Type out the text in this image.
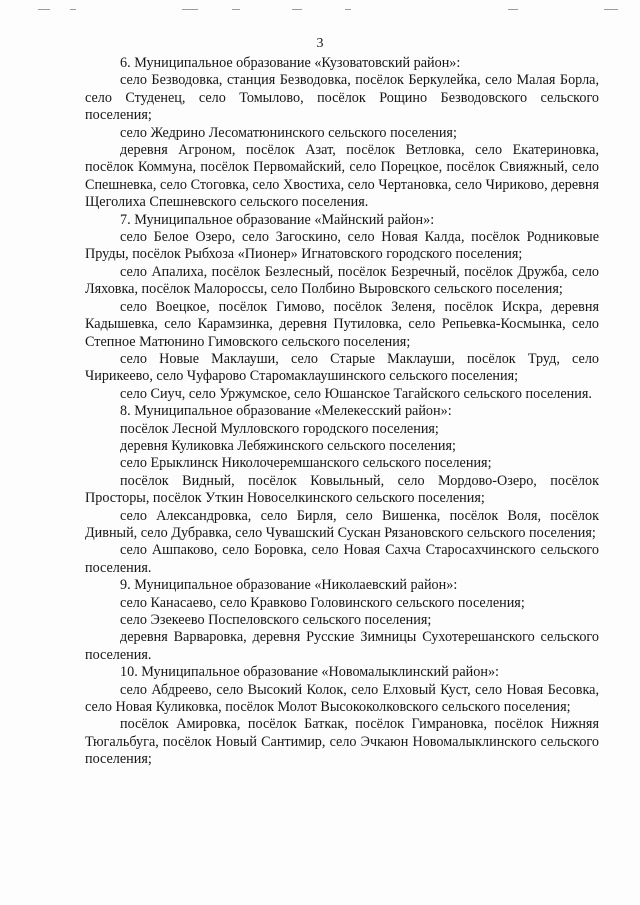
3

6. Муниципальное образование «Кузоватовский район»:

село Безводовка, станция Безводовка, посёлок Беркулейка, село Малая Борла, село Студенец, село Томылово, посёлок Рощино Безводовского сельского поселения;

село Жедрино Лесоматюнинского сельского поселения;

деревня Агроном, посёлок Азат, посёлок Ветловка, село Екатериновка, посёлок Коммуна, посёлок Первомайский, село Порецкое, посёлок Свияжный, село Спешневка, село Стоговка, село Хвостиха, село Чертановка, село Чириково, деревня Щеголиха Спешневского сельского поселения.

7. Муниципальное образование «Майнский район»:

село Белое Озеро, село Загоскино, село Новая Калда, посёлок Родниковые Пруды, посёлок Рыбхоза «Пионер» Игнатовского городского поселения;

село Апалиха, посёлок Безлесный, посёлок Безречный, посёлок Дружба, село Ляховка, посёлок Малороссы, село Полбино Выровского сельского поселения;

село Воецкое, посёлок Гимово, посёлок Зеленя, посёлок Искра, деревня Кадышевка, село Карамзинка, деревня Путиловка, село Репьевка-Космынка, село Степное Матюнино Гимовского сельского поселения;

село Новые Маклауши, село Старые Маклауши, посёлок Труд, село Чирикеево, село Чуфарово Старомаклаушинского сельского поселения;

село Сиуч, село Уржумское, село Юшанское Тагайского сельского поселения.

8. Муниципальное образование «Мелекесский район»:

посёлок Лесной Мулловского городского поселения;

деревня Куликовка Лебяжинского сельского поселения;

село Ерыклинск Николочеремшанского сельского поселения;

посёлок Видный, посёлок Ковыльный, село Мордово-Озеро, посёлок Просторы, посёлок Уткин Новоселкинского сельского поселения;

село Александровка, село Бирля, село Вишенка, посёлок Воля, посёлок Дивный, село Дубравка, село Чувашский Сускан Рязановского сельского поселения;

село Ашпаково, село Боровка, село Новая Сахча Старосахчинского сельского поселения.

9. Муниципальное образование «Николаевский район»:

село Канасаево, село Кравково Головинского сельского поселения;

село Эзекеево Поспеловского сельского поселения;

деревня Варваровка, деревня Русские Зимницы Сухотерешанского сельского поселения.

10. Муниципальное образование «Новомалыклинский район»:

село Абдреево, село Высокий Колок, село Елховый Куст, село Новая Бесовка, село Новая Куликовка, посёлок Молот Высококолковского сельского поселения;

посёлок Амировка, посёлок Баткак, посёлок Гимрановка, посёлок Нижняя Тюгальбуга, посёлок Новый Сантимир, село Эчкаюн Новомалыклинского сельского поселения;
